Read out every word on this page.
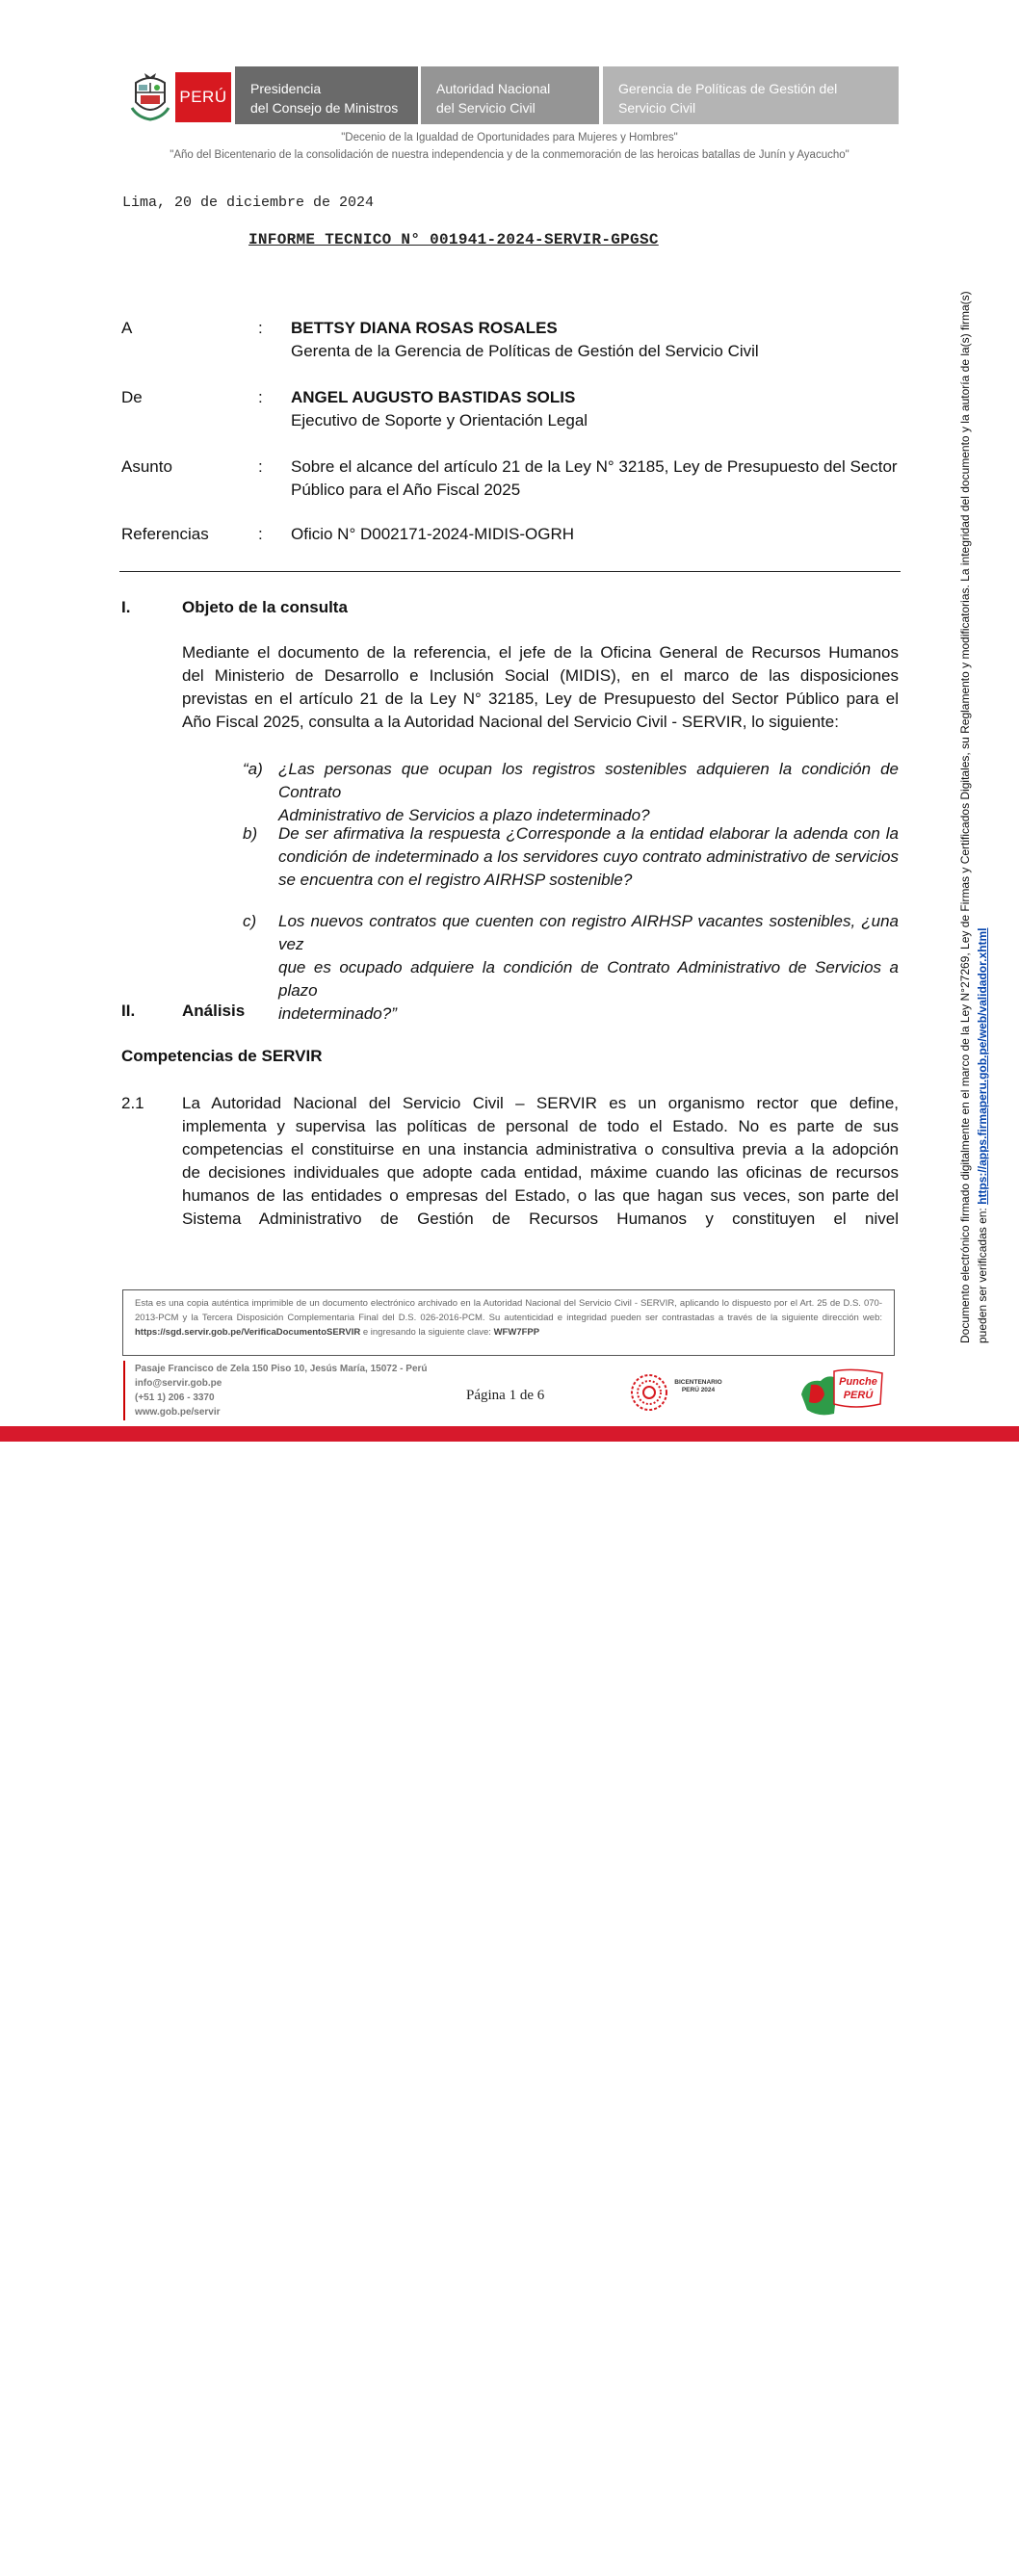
PERÚ Presidencia
del Consejo de Ministros
Autoridad Nacional
del Servicio Civil
Gerencia de Políticas de Gestión del
Servicio Civil
"Decenio de la Igualdad de Oportunidades para Mujeres y Hombres"
"Año del Bicentenario de la consolidación de nuestra independencia y de la conmemoración de las heroicas batallas de Junín y Ayacucho"
Lima, 20 de diciembre de 2024
INFORME TECNICO N° 001941-2024-SERVIR-GPGSC
A	: BETTSY DIANA ROSAS ROSALES
Gerenta de la Gerencia de Políticas de Gestión del Servicio Civil
De	: ANGEL AUGUSTO BASTIDAS SOLIS
Ejecutivo de Soporte y Orientación Legal
Asunto	: Sobre el alcance del artículo 21 de la Ley N° 32185, Ley de Presupuesto del Sector
Público para el Año Fiscal 2025
Referencias	: Oficio N° D002171-2024-MIDIS-OGRH
I.	Objeto de la consulta
Mediante el documento de la referencia, el jefe de la Oficina General de Recursos Humanos
del Ministerio de Desarrollo e Inclusión Social (MIDIS), en el marco de las disposiciones
previstas en el artículo 21 de la Ley N° 32185, Ley de Presupuesto del Sector Público para el
Año Fiscal 2025, consulta a la Autoridad Nacional del Servicio Civil - SERVIR, lo siguiente:
“a) ¿Las personas que ocupan los registros sostenibles adquieren la condición de Contrato
Administrativo de Servicios a plazo indeterminado?
b) De ser afirmativa la respuesta ¿Corresponde a la entidad elaborar la adenda con la
condición de indeterminado a los servidores cuyo contrato administrativo de servicios
se encuentra con el registro AIRHSP sostenible?
c) Los nuevos contratos que cuenten con registro AIRHSP vacantes sostenibles, ¿una vez
que es ocupado adquiere la condición de Contrato Administrativo de Servicios a plazo
indeterminado?”
II.	Análisis
Competencias de SERVIR
2.1 La Autoridad Nacional del Servicio Civil – SERVIR es un organismo rector que define,
implementa y supervisa las políticas de personal de todo el Estado. No es parte de sus
competencias el constituirse en una instancia administrativa o consultiva previa a la adopción
de decisiones individuales que adopte cada entidad, máxime cuando las oficinas de recursos
humanos de las entidades o empresas del Estado, o las que hagan sus veces, son parte del
Sistema Administrativo de Gestión de Recursos Humanos y constituyen el nivel
Esta es una copia auténtica imprimible de un documento electrónico archivado en la Autoridad Nacional del Servicio Civil - SERVIR, aplicando lo dispuesto por el Art. 25 de D.S. 070-2013-PCM y la Tercera Disposición Complementaria Final del D.S. 026-2016-PCM. Su autenticidad e integridad pueden ser contrastadas a través de la siguiente dirección web: https://sgd.servir.gob.pe/VerificaDocumentoSERVIR e ingresando la siguiente clave: WFW7FPP
Pasaje Francisco de Zela 150 Piso 10, Jesús María, 15072 - Perú
info@servir.gob.pe
(+51 1) 206 - 3370
www.gob.pe/servir
Página 1 de 6
BICENTENARIO PERÚ 2024
Punche PERÚ
Documento electrónico firmado digitalmente en el marco de la Ley N°27269, Ley de Firmas y Certificados Digitales, su Reglamento y modificatorias. La integridad del documento y la autoría de la(s) firma(s) pueden ser verificadas en: https://apps.firmaperu.gob.pe/web/validador.xhtml
